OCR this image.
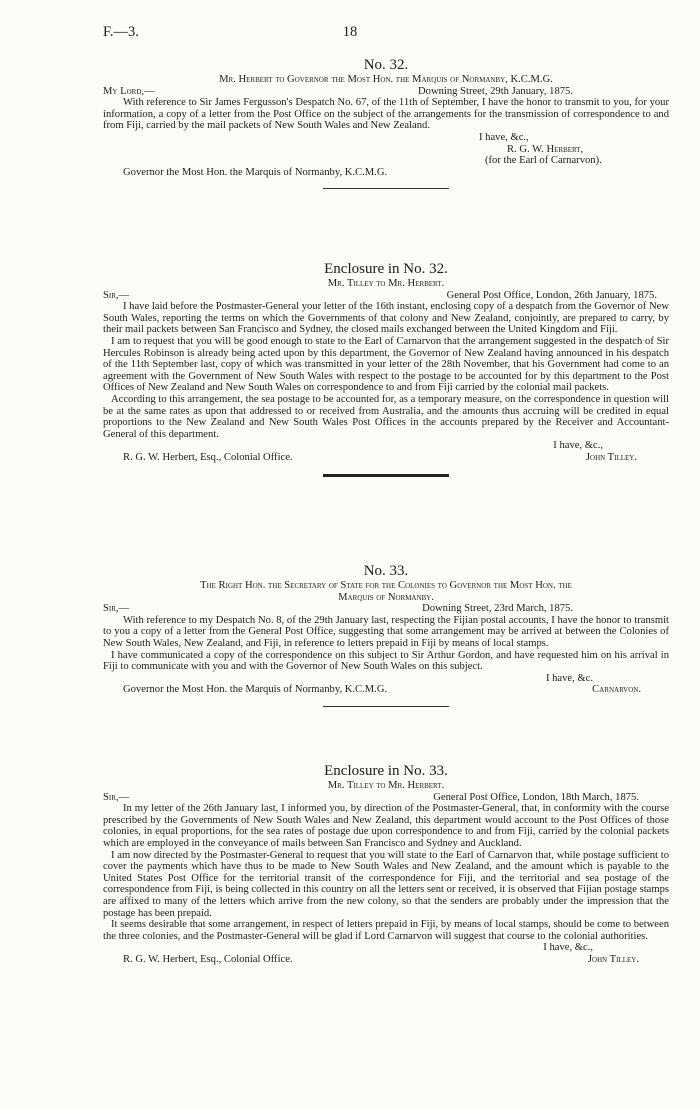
F.—3.	18
No. 32.
Mr. Herbert to Governor the Most Hon. the Marquis of Normanby, K.C.M.G.
My Lord,—	Downing Street, 29th January, 1875.
With reference to Sir James Fergusson's Despatch No. 67, of the 11th of September, I have the honor to transmit to you, for your information, a copy of a letter from the Post Office on the subject of the arrangements for the transmission of correspondence to and from Fiji, carried by the mail packets of New South Wales and New Zealand.
I have, &c.,
R. G. W. Herbert,
(for the Earl of Carnarvon).
Governor the Most Hon. the Marquis of Normanby, K.C.M.G.
Enclosure in No. 32.
Mr. Tilley to Mr. Herbert.
Sir,—	General Post Office, London, 26th January, 1875.
I have laid before the Postmaster-General your letter of the 16th instant, enclosing copy of a despatch from the Governor of New South Wales, reporting the terms on which the Governments of that colony and New Zealand, conjointly, are prepared to carry, by their mail packets between San Francisco and Sydney, the closed mails exchanged between the United Kingdom and Fiji.
I am to request that you will be good enough to state to the Earl of Carnarvon that the arrangement suggested in the despatch of Sir Hercules Robinson is already being acted upon by this department, the Governor of New Zealand having announced in his despatch of the 11th September last, copy of which was transmitted in your letter of the 28th November, that his Government had come to an agreement with the Government of New South Wales with respect to the postage to be accounted for by this department to the Post Offices of New Zealand and New South Wales on correspondence to and from Fiji carried by the colonial mail packets.
According to this arrangement, the sea postage to be accounted for, as a temporary measure, on the correspondence in question will be at the same rates as upon that addressed to or received from Australia, and the amounts thus accruing will be credited in equal proportions to the New Zealand and New South Wales Post Offices in the accounts prepared by the Receiver and Accountant-General of this department.
I have, &c.,
R. G. W. Herbert, Esq., Colonial Office.	John Tilley.
No. 33.
The Right Hon. the Secretary of State for the Colonies to Governor the Most Hon. the
Marquis of Normanby.
Sir,—	Downing Street, 23rd March, 1875.
With reference to my Despatch No. 8, of the 29th January last, respecting the Fijian postal accounts, I have the honor to transmit to you a copy of a letter from the General Post Office, suggesting that some arrangement may be arrived at between the Colonies of New South Wales, New Zealand, and Fiji, in reference to letters prepaid in Fiji by means of local stamps.
I have communicated a copy of the correspondence on this subject to Sir Arthur Gordon, and have requested him on his arrival in Fiji to communicate with you and with the Governor of New South Wales on this subject.
I have, &c.
Governor the Most Hon. the Marquis of Normanby, K.C.M.G.	Carnarvon.
Enclosure in No. 33.
Mr. Tilley to Mr. Herbert.
Sir,—	General Post Office, London, 18th March, 1875.
In my letter of the 26th January last, I informed you, by direction of the Postmaster-General, that, in conformity with the course prescribed by the Governments of New South Wales and New Zealand, this department would account to the Post Offices of those colonies, in equal proportions, for the sea rates of postage due upon correspondence to and from Fiji, carried by the colonial packets which are employed in the conveyance of mails between San Francisco and Sydney and Auckland.
I am now directed by the Postmaster-General to request that you will state to the Earl of Carnarvon that, while postage sufficient to cover the payments which have thus to be made to New South Wales and New Zealand, and the amount which is payable to the United States Post Office for the territorial transit of the correspondence for Fiji, and the territorial and sea postage of the correspondence from Fiji, is being collected in this country on all the letters sent or received, it is observed that Fijian postage stamps are affixed to many of the letters which arrive from the new colony, so that the senders are probably under the impression that the postage has been prepaid.
It seems desirable that some arrangement, in respect of letters prepaid in Fiji, by means of local stamps, should be come to between the three colonies, and the Postmaster-General will be glad if Lord Carnarvon will suggest that course to the colonial authorities.
I have, &c.,
R. G. W. Herbert, Esq., Colonial Office.	John Tilley.
